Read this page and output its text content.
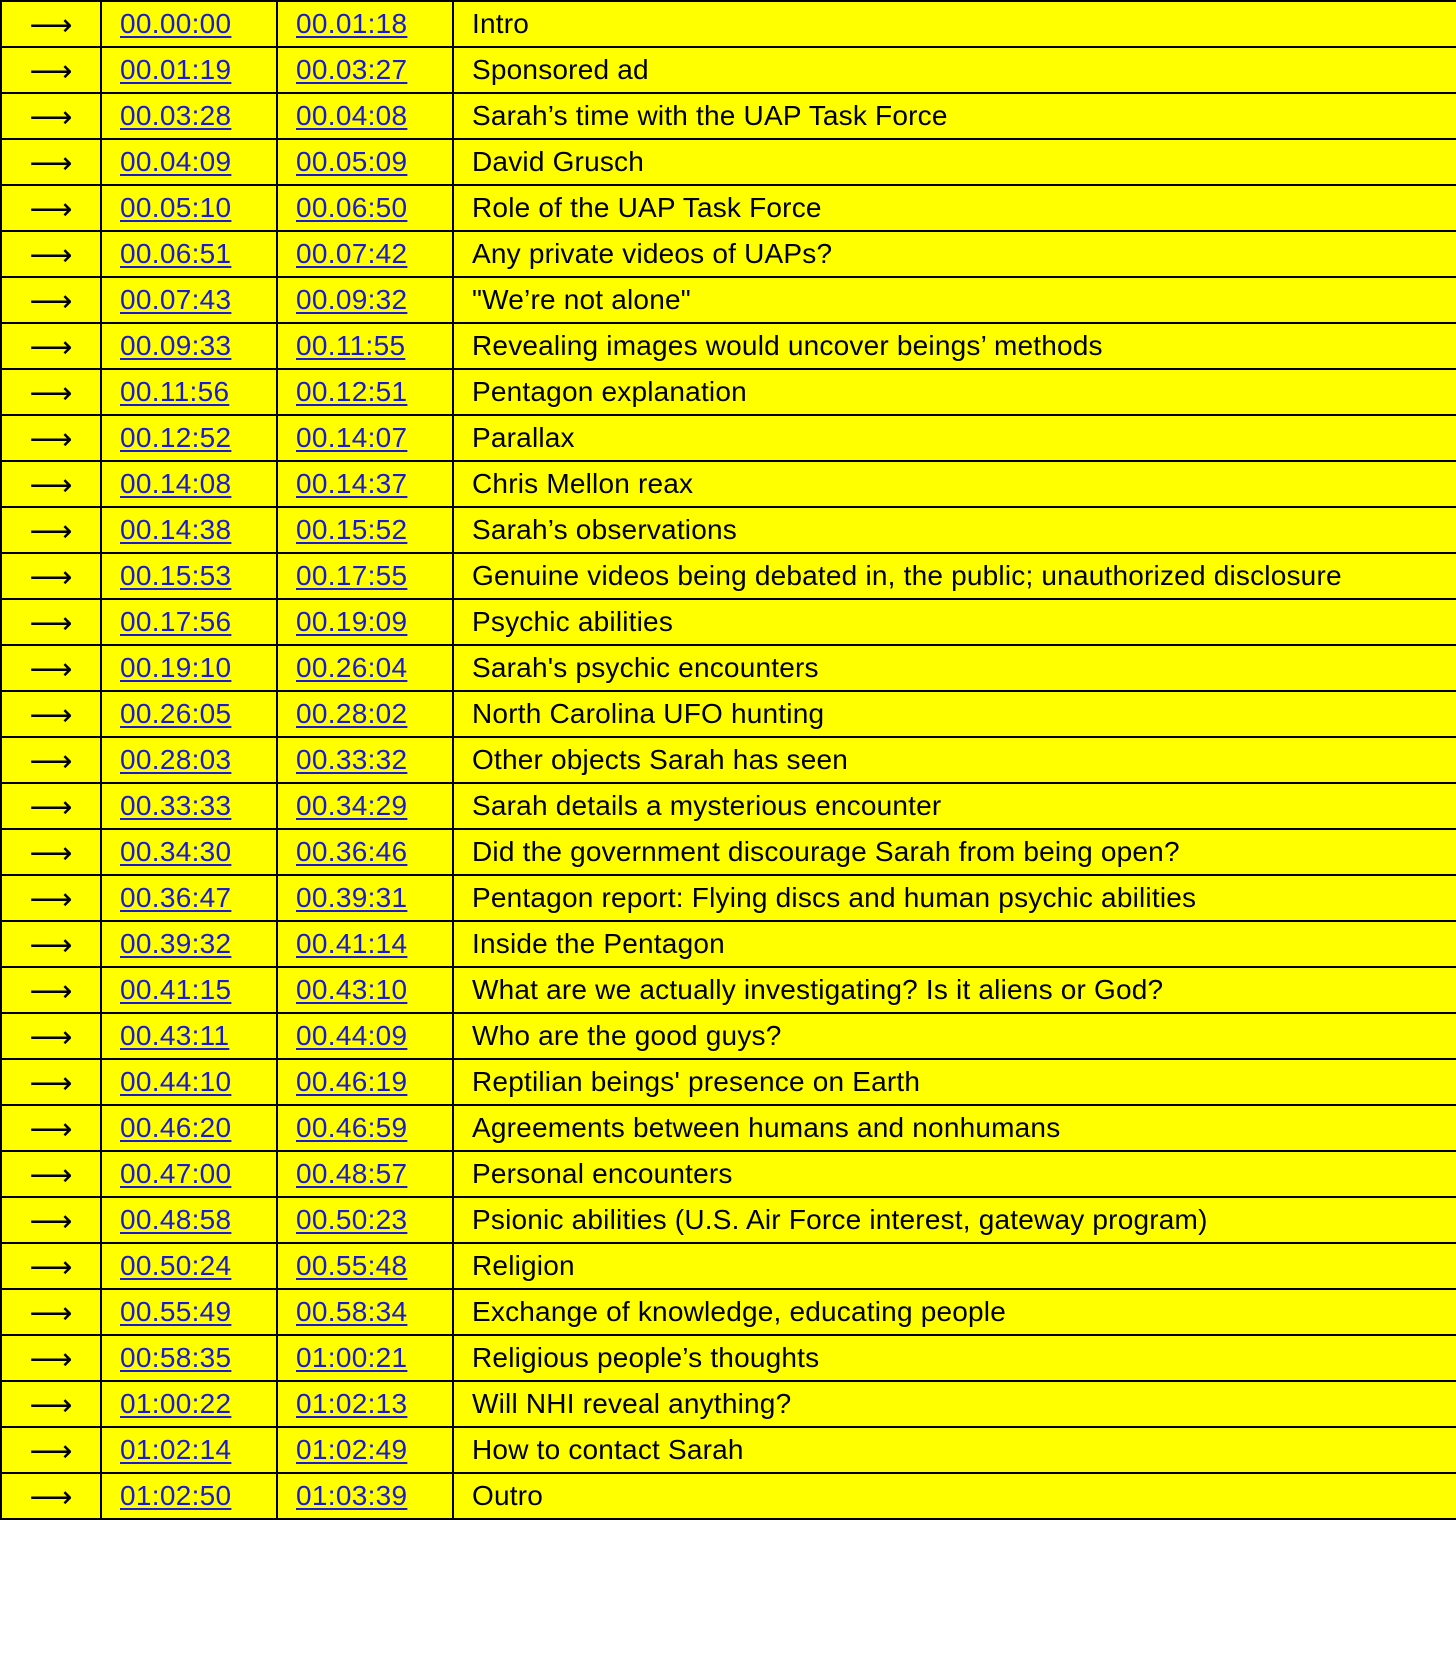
⟶	00.00:00	00.01:18	Intro
⟶	00.01:19	00.03:27	Sponsored ad
⟶	00.03:28	00.04:08	Sarah’s time with the UAP Task Force
⟶	00.04:09	00.05:09	David Grusch
⟶	00.05:10	00.06:50	Role of the UAP Task Force
⟶	00.06:51	00.07:42	Any private videos of UAPs?
⟶	00.07:43	00.09:32	"We’re not alone"
⟶	00.09:33	00.11:55	Revealing images would uncover beings’ methods
⟶	00.11:56	00.12:51	Pentagon explanation
⟶	00.12:52	00.14:07	Parallax
⟶	00.14:08	00.14:37	Chris Mellon reax
⟶	00.14:38	00.15:52	Sarah’s observations
⟶	00.15:53	00.17:55	Genuine videos being debated in, the public; unauthorized disclosure
⟶	00.17:56	00.19:09	Psychic abilities
⟶	00.19:10	00.26:04	Sarah's psychic encounters
⟶	00.26:05	00.28:02	North Carolina UFO hunting
⟶	00.28:03	00.33:32	Other objects Sarah has seen
⟶	00.33:33	00.34:29	Sarah details a mysterious encounter
⟶	00.34:30	00.36:46	Did the government discourage Sarah from being open?
⟶	00.36:47	00.39:31	Pentagon report: Flying discs and human psychic abilities
⟶	00.39:32	00.41:14	Inside the Pentagon
⟶	00.41:15	00.43:10	What are we actually investigating? Is it aliens or God?
⟶	00.43:11	00.44:09	Who are the good guys?
⟶	00.44:10	00.46:19	Reptilian beings' presence on Earth
⟶	00.46:20	00.46:59	Agreements between humans and nonhumans
⟶	00.47:00	00.48:57	Personal encounters
⟶	00.48:58	00.50:23	Psionic abilities (U.S. Air Force interest, gateway program)
⟶	00.50:24	00.55:48	Religion
⟶	00.55:49	00.58:34	Exchange of knowledge, educating people
⟶	00:58:35	01:00:21	Religious people’s thoughts
⟶	01:00:22	01:02:13	Will NHI reveal anything?
⟶	01:02:14	01:02:49	How to contact Sarah
⟶	01:02:50	01:03:39	Outro
